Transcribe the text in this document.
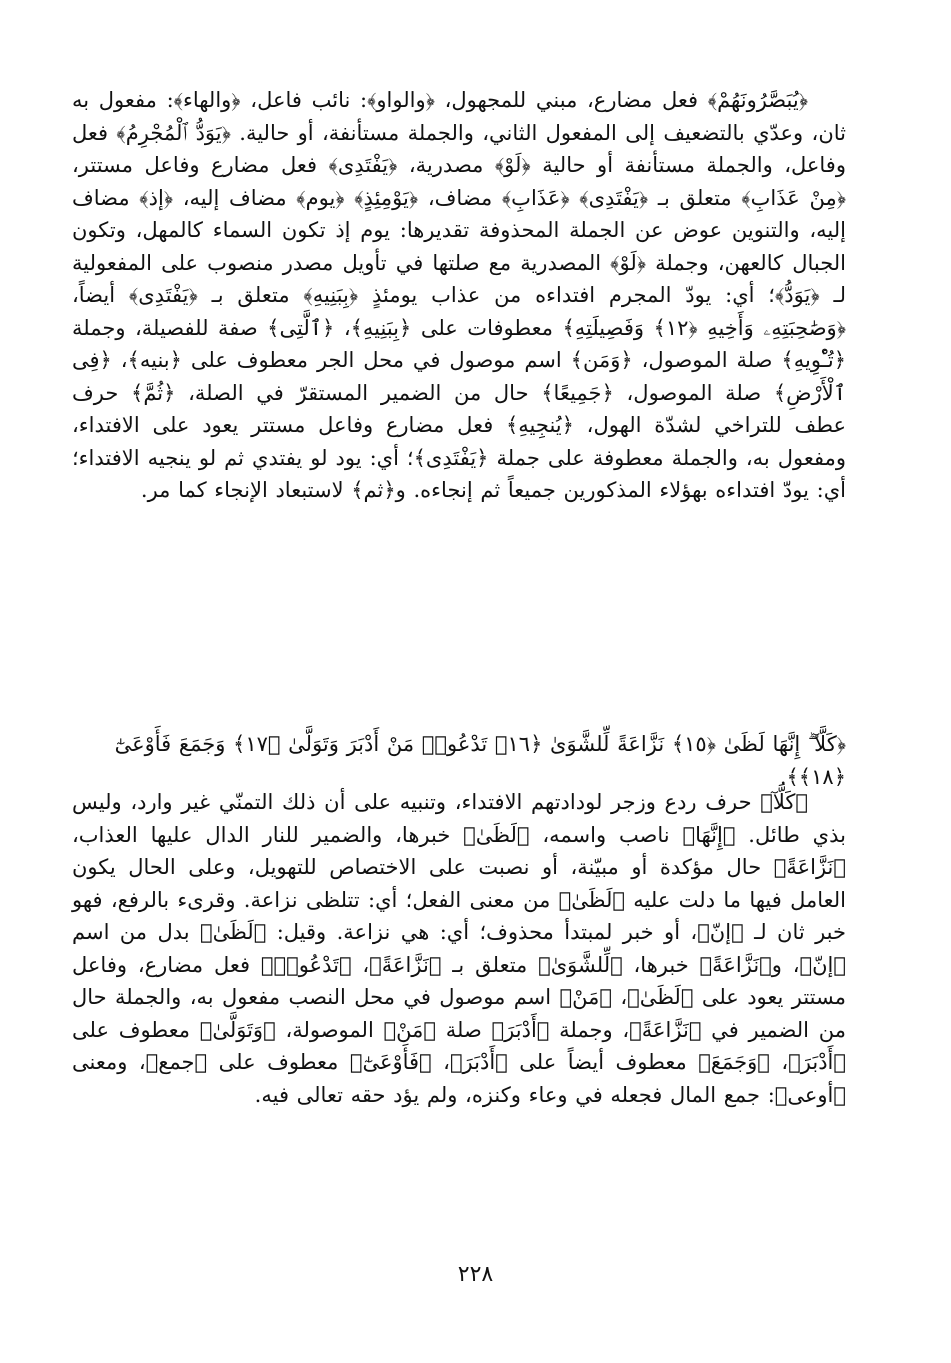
﴿يُبَصَّرُونَهُمْ﴾ فعل مضارع، مبني للمجهول، ﴿والواو﴾: نائب فاعل، ﴿والهاء﴾: مفعول به ثان، وعدّي بالتضعيف إلى المفعول الثاني، والجملة مستأنفة، أو حالية. ﴿يَوَدُّ ٱلْمُجْرِمُ﴾ فعل وفاعل، والجملة مستأنفة أو حالية ﴿لَوْ﴾ مصدرية، ﴿يَفْتَدِى﴾ فعل مضارع وفاعل مستتر، ﴿مِنْ عَذَابِ﴾ متعلق بـ ﴿يَفْتَدِى﴾ ﴿عَذَابِ﴾ مضاف، ﴿يَوْمِئِذٍ﴾ ﴿يوم﴾ مضاف إليه، ﴿إذ﴾ مضاف إليه، والتنوين عوض عن الجملة المحذوفة تقديرها: يوم إذ تكون السماء كالمهل، وتكون الجبال كالعهن، وجملة ﴿لَوْ﴾ المصدرية مع صلتها في تأويل مصدر منصوب على المفعولية لـ ﴿يَوَدُّ﴾؛ أي: يودّ المجرم افتداءه من عذاب يومئذٍ ﴿بِبَنِيهِ﴾ متعلق بـ ﴿يَفْتَدِى﴾ أيضاً، ﴿وَصَٰحِبَتِهِۦ وَأَخِيهِ ﴿١٢﴾ وَفَصِيلَتِهِ﴾ معطوفات على ﴿بِبَنِيهِ﴾، ﴿ٱلَّتِى﴾ صفة للفصيلة، وجملة ﴿تُـْٔوِيهِ﴾ صلة الموصول، ﴿وَمَن﴾ اسم موصول في محل الجر معطوف على ﴿بنيه﴾، ﴿فِى ٱلْأَرْضِ﴾ صلة الموصول، ﴿جَمِيعًا﴾ حال من الضمير المستقرّ في الصلة، ﴿ثُمَّ﴾ حرف عطف للتراخي لشدّة الهول، ﴿يُنجِيهِ﴾ فعل مضارع وفاعل مستتر يعود على الافتداء، ومفعول به، والجملة معطوفة على جملة ﴿يَفْتَدِى﴾؛ أي: يود لو يفتدي ثم لو ينجيه الافتداء؛ أي: يودّ افتداءه بهؤلاء المذكورين جميعاً ثم إنجاءه. و﴿ثم﴾ لاستبعاد الإنجاء كما مر.

﴿كَلَّآ ۖ إِنَّهَا لَظَىٰ ﴿١٥﴾ نَزَّاعَةً لِّلشَّوَىٰ ﴿١٦﴾ تَدْعُوا۟ مَنْ أَدْبَرَ وَتَوَلَّىٰ ﴿١٧﴾ وَجَمَعَ فَأَوْعَىٰٓ ﴿١٨﴾﴾.

﴿كَلَّآ﴾ حرف ردع وزجر لودادتهم الافتداء، وتنبيه على أن ذلك التمنّي غير وارد، وليس بذي طائل. ﴿إِنَّهَا﴾ ناصب واسمه، ﴿لَظَىٰ﴾ خبرها، والضمير للنار الدال عليها العذاب، ﴿نَزَّاعَةً﴾ حال مؤكدة أو مبيّنة، أو نصبت على الاختصاص للتهويل، وعلى الحال يكون العامل فيها ما دلت عليه ﴿لَظَىٰ﴾ من معنى الفعل؛ أي: تتلظى نزاعة. وقرىء بالرفع، فهو خبر ثان لـ ﴿إنّ﴾، أو خبر لمبتدأ محذوف؛ أي: هي نزاعة. وقيل: ﴿لَظَىٰ﴾ بدل من اسم ﴿إنّ﴾، و﴿نَزَّاعَةً﴾ خبرها، ﴿لِّلشَّوَىٰ﴾ متعلق بـ ﴿نَزَّاعَةً﴾، ﴿تَدْعُوا۟﴾ فعل مضارع، وفاعل مستتر يعود على ﴿لَظَىٰ﴾، ﴿مَنْ﴾ اسم موصول في محل النصب مفعول به، والجملة حال من الضمير في ﴿نَزَّاعَةً﴾، وجملة ﴿أَدْبَرَ﴾ صلة ﴿مَنْ﴾ الموصولة، ﴿وَتَوَلَّىٰ﴾ معطوف على ﴿أَدْبَرَ﴾، ﴿وَجَمَعَ﴾ معطوف أيضاً على ﴿أَدْبَرَ﴾، ﴿فَأَوْعَىٰٓ﴾ معطوف على ﴿جمع﴾، ومعنى ﴿أوعى﴾: جمع المال فجعله في وعاء وكنزه، ولم يؤد حقه تعالى فيه.

٢٢٨
